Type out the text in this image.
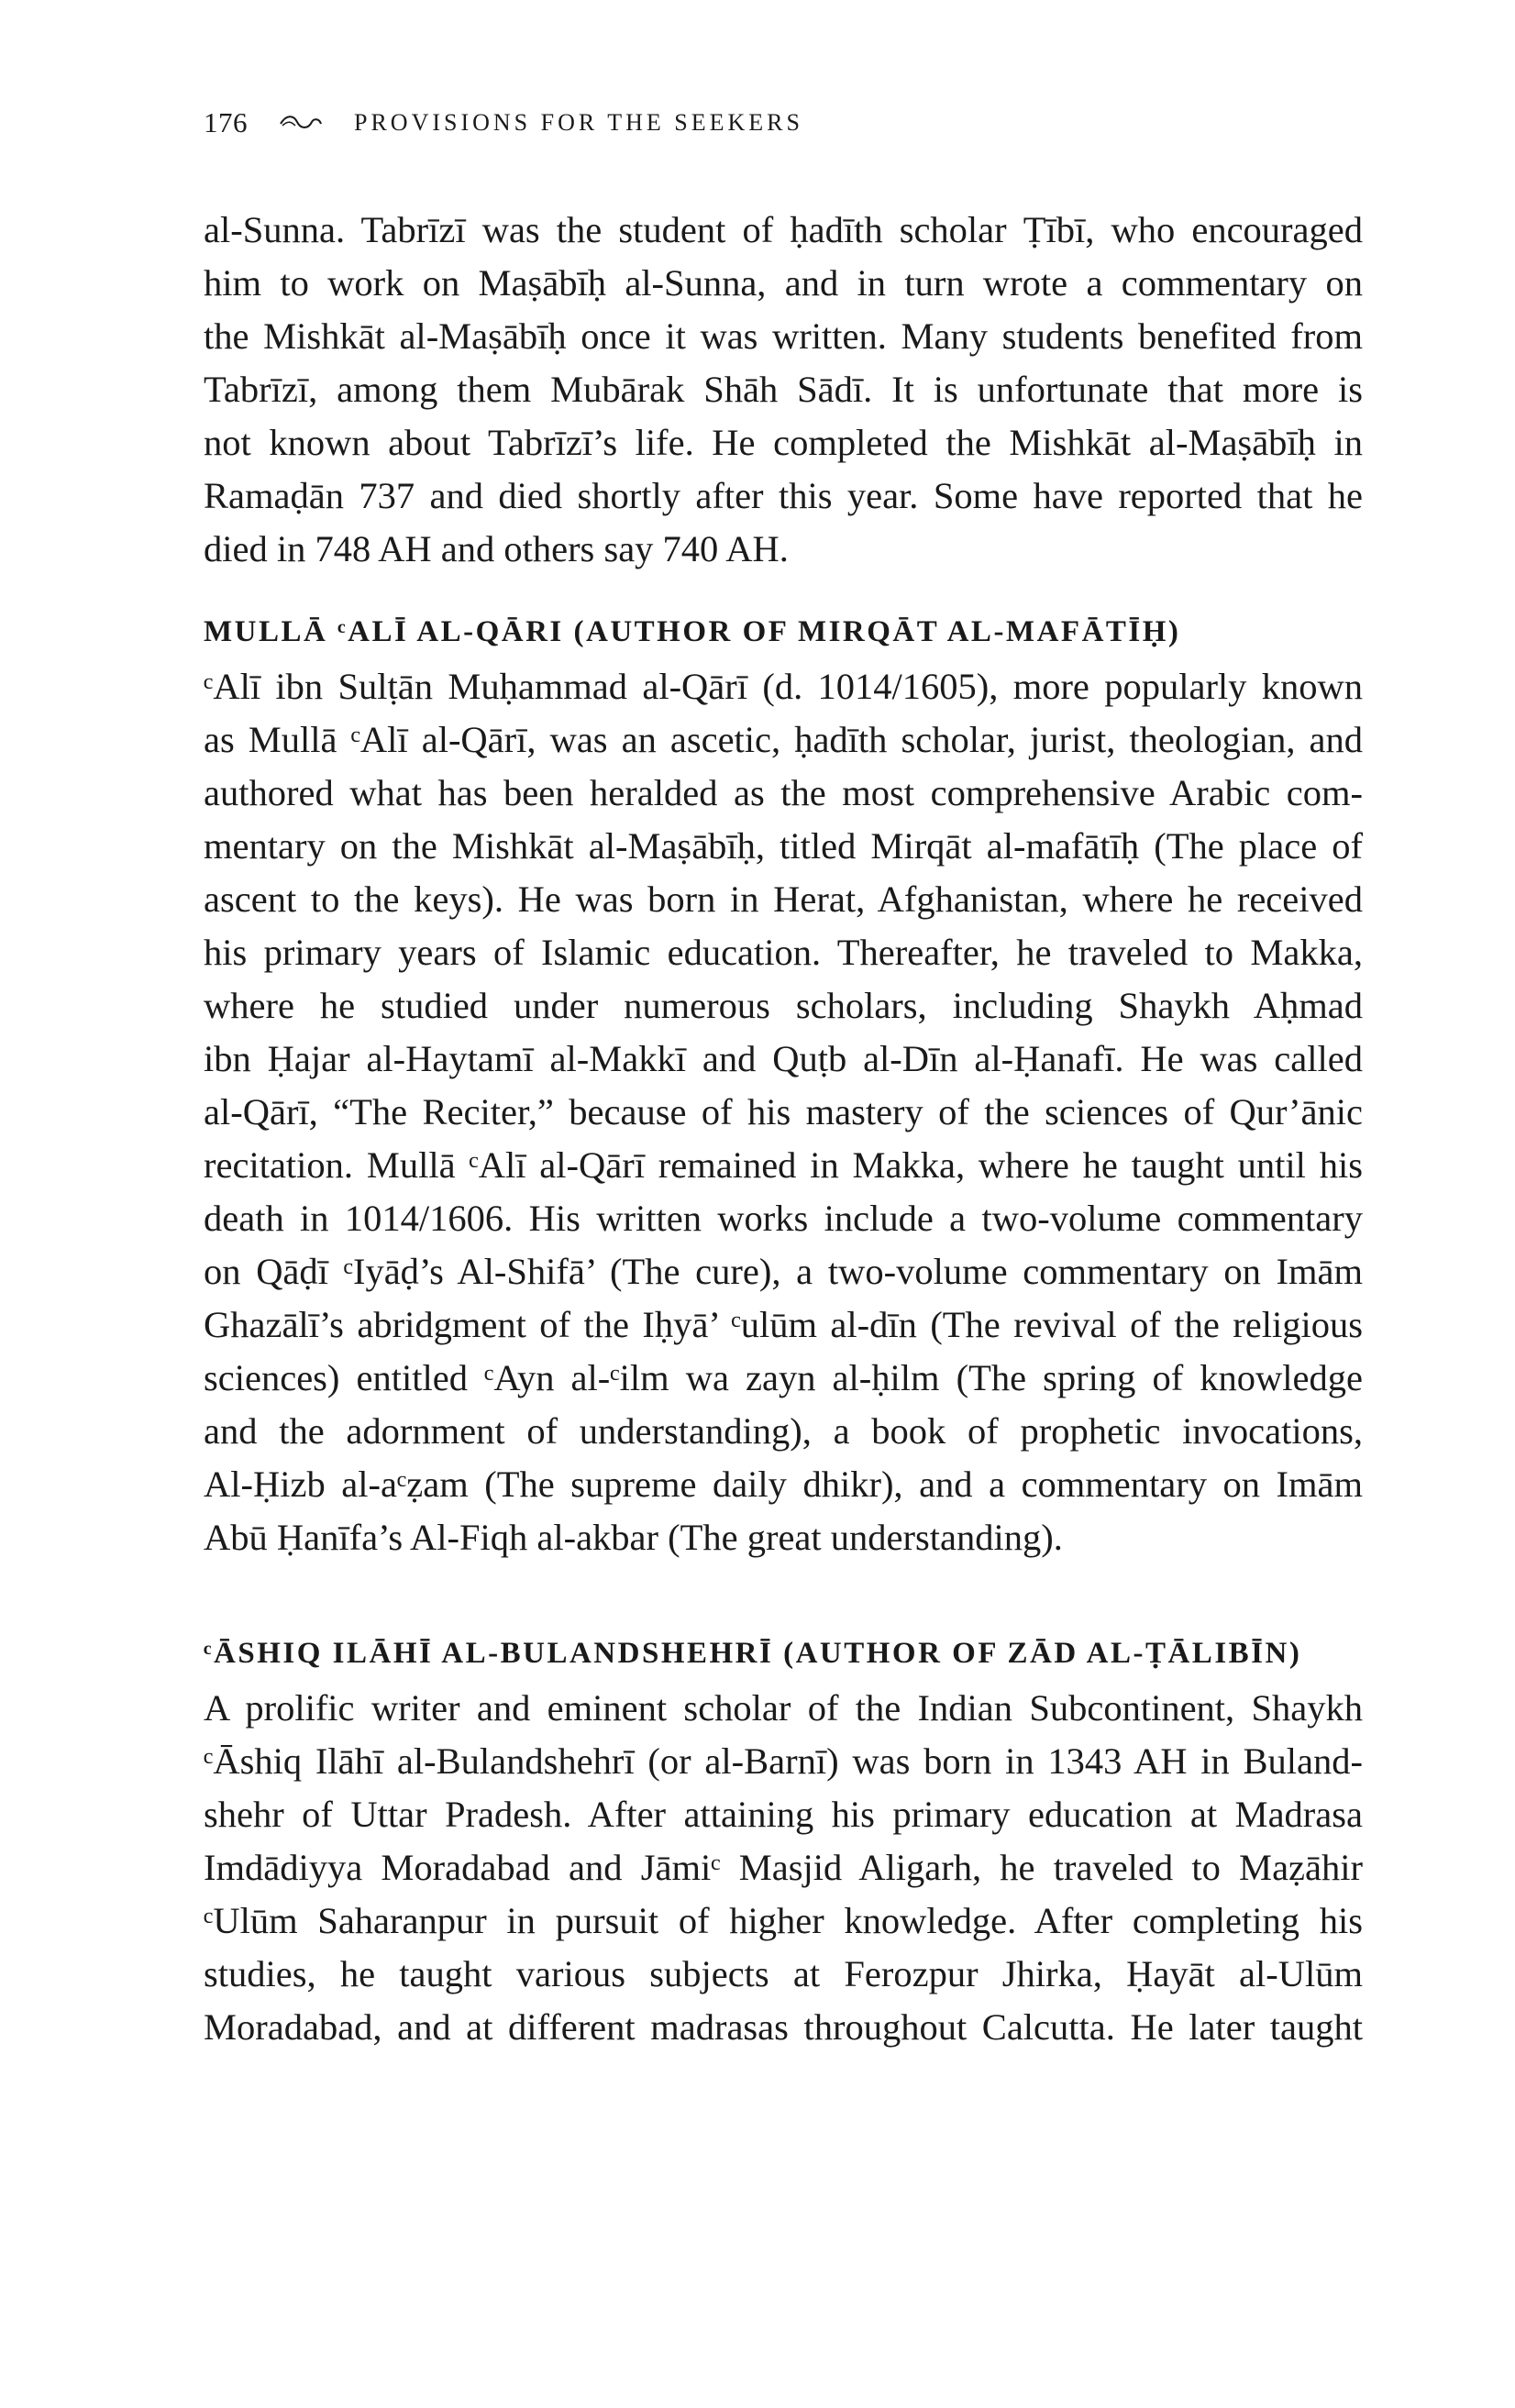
176	PROVISIONS FOR THE SEEKERS
al-Sunna. Tabrīzī was the student of ḥadīth scholar Ṭībī, who encouraged
him to work on Maṣābīḥ al-Sunna, and in turn wrote a commentary on
the Mishkāt al-Maṣābīḥ once it was written. Many students benefited from
Tabrīzī, among them Mubārak Shāh Sādī. It is unfortunate that more is
not known about Tabrīzī’s life. He completed the Mishkāt al-Maṣābīḥ in
Ramaḍān 737 and died shortly after this year. Some have reported that he
died in 748 AH and others say 740 AH.
MULLĀ ᶜALĪ AL-QĀRI (AUTHOR OF MIRQĀT AL-MAFĀTĪḤ)
ᶜAlī ibn Sulṭān Muḥammad al-Qārī (d. 1014/1605), more popularly known
as Mullā ᶜAlī al-Qārī, was an ascetic, ḥadīth scholar, jurist, theologian, and
authored what has been heralded as the most comprehensive Arabic com-
mentary on the Mishkāt al-Maṣābīḥ, titled Mirqāt al-mafātīḥ (The place of
ascent to the keys). He was born in Herat, Afghanistan, where he received
his primary years of Islamic education. Thereafter, he traveled to Makka,
where he studied under numerous scholars, including Shaykh Aḥmad
ibn Ḥajar al-Haytamī al-Makkī and Quṭb al-Dīn al-Ḥanafī. He was called
al-Qārī, “The Reciter,” because of his mastery of the sciences of Qur’ānic
recitation. Mullā ᶜAlī al-Qārī remained in Makka, where he taught until his
death in 1014/1606. His written works include a two-volume commentary
on Qāḍī ᶜIyāḍ’s Al-Shifā’ (The cure), a two-volume commentary on Imām
Ghazālī’s abridgment of the Iḥyā’ ᶜulūm al-dīn (The revival of the religious
sciences) entitled ᶜAyn al-ᶜilm wa zayn al-ḥilm (The spring of knowledge
and the adornment of understanding), a book of prophetic invocations,
Al-Ḥizb al-aᶜẓam (The supreme daily dhikr), and a commentary on Imām
Abū Ḥanīfa’s Al-Fiqh al-akbar (The great understanding).
ᶜĀSHIQ ILĀHĪ AL-BULANDSHEHRĪ (AUTHOR OF ZĀD AL-ṬĀLIBĪN)
A prolific writer and eminent scholar of the Indian Subcontinent, Shaykh
ᶜĀshiq Ilāhī al-Bulandshehrī (or al-Barnī) was born in 1343 AH in Buland-
shehr of Uttar Pradesh. After attaining his primary education at Madrasa
Imdādiyya Moradabad and Jāmiᶜ Masjid Aligarh, he traveled to Maẓāhir
ᶜUlūm Saharanpur in pursuit of higher knowledge. After completing his
studies, he taught various subjects at Ferozpur Jhirka, Ḥayāt al-Ulūm
Moradabad, and at different madrasas throughout Calcutta. He later taught
